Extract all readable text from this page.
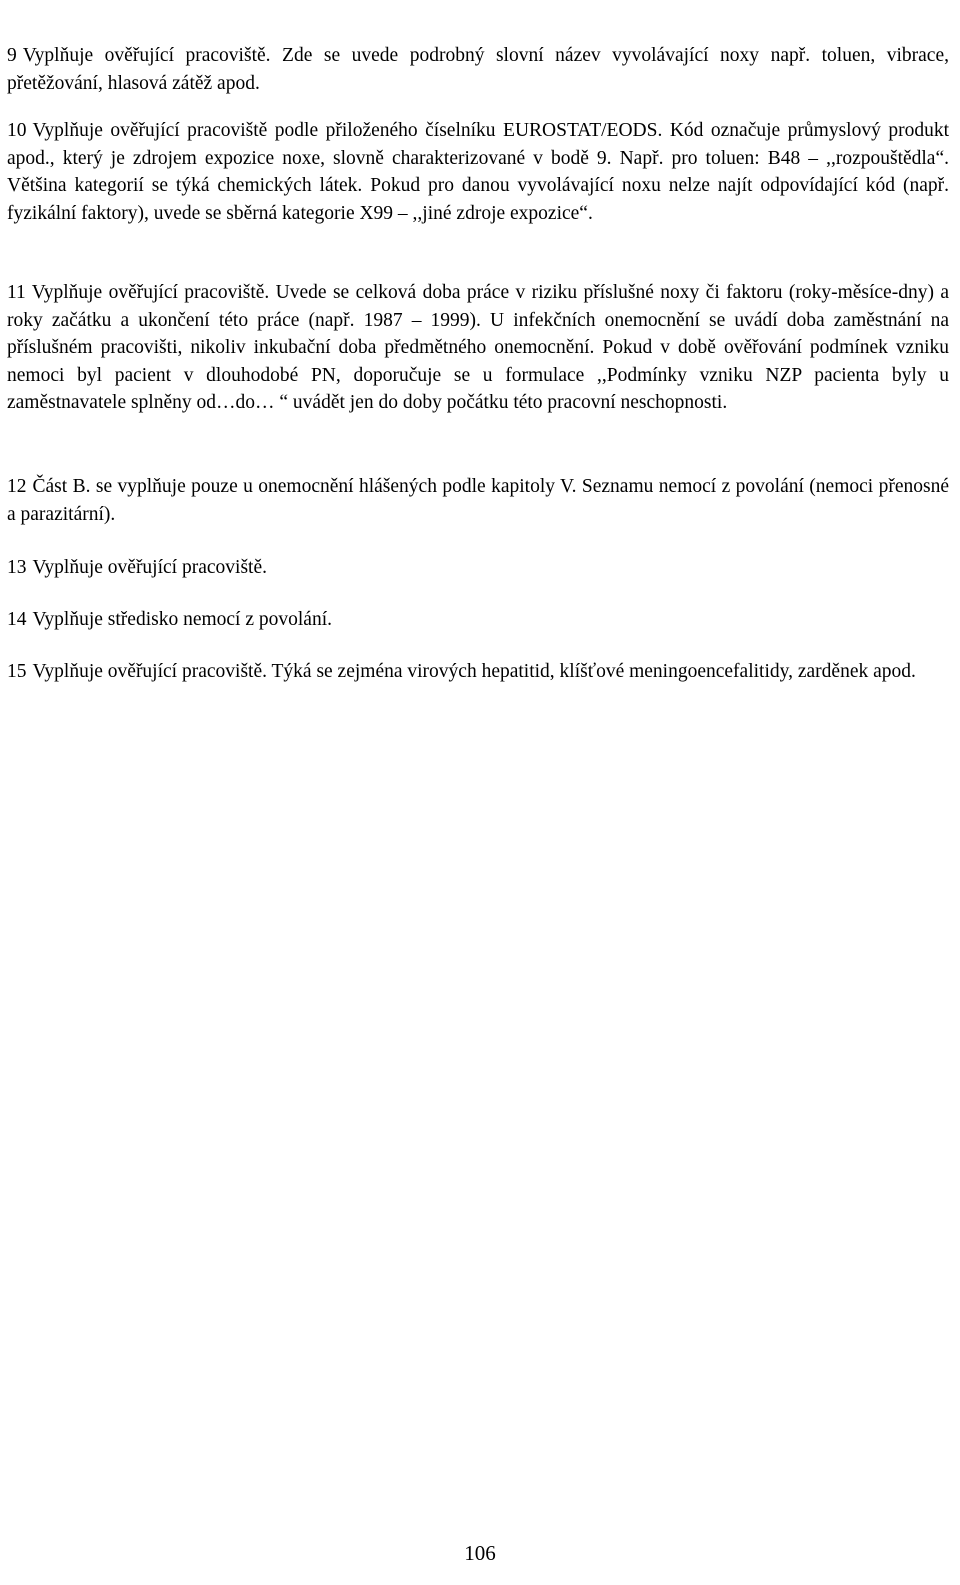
9 Vyplňuje ověřující pracoviště. Zde se uvede podrobný slovní název vyvolávající noxy např. toluen, vibrace, přetěžování, hlasová zátěž apod.

10 Vyplňuje ověřující pracoviště podle přiloženého číselníku EUROSTAT/EODS. Kód označuje průmyslový produkt apod., který je zdrojem expozice noxe, slovně charakterizované v bodě 9. Např. pro toluen: B48 – ,,rozpouštědla“. Většina kategorií se týká chemických látek. Pokud pro danou vyvolávající noxu nelze najít odpovídající kód (např. fyzikální faktory), uvede se sběrná kategorie X99 – ,,jiné zdroje expozice“.

11 Vyplňuje ověřující pracoviště. Uvede se celková doba práce v riziku příslušné noxy či faktoru (roky-měsíce-dny) a roky začátku a ukončení této práce (např. 1987 – 1999). U infekčních onemocnění se uvádí doba zaměstnání na příslušném pracovišti, nikoliv inkubační doba předmětného onemocnění. Pokud v době ověřování podmínek vzniku nemoci byl pacient v dlouhodobé PN, doporučuje se u formulace ,,Podmínky vzniku NZP pacienta byly u zaměstnavatele splněny od…do… “ uvádět jen do doby počátku této pracovní neschopnosti.

12 Část B. se vyplňuje pouze u onemocnění hlášených podle kapitoly V. Seznamu nemocí z povolání (nemoci přenosné a parazitární).

13 Vyplňuje ověřující pracoviště.

14 Vyplňuje středisko nemocí z povolání.

15 Vyplňuje ověřující pracoviště. Týká se zejména virových hepatitid, klíšťové meningoencefalitidy, zarděnek apod.

106
